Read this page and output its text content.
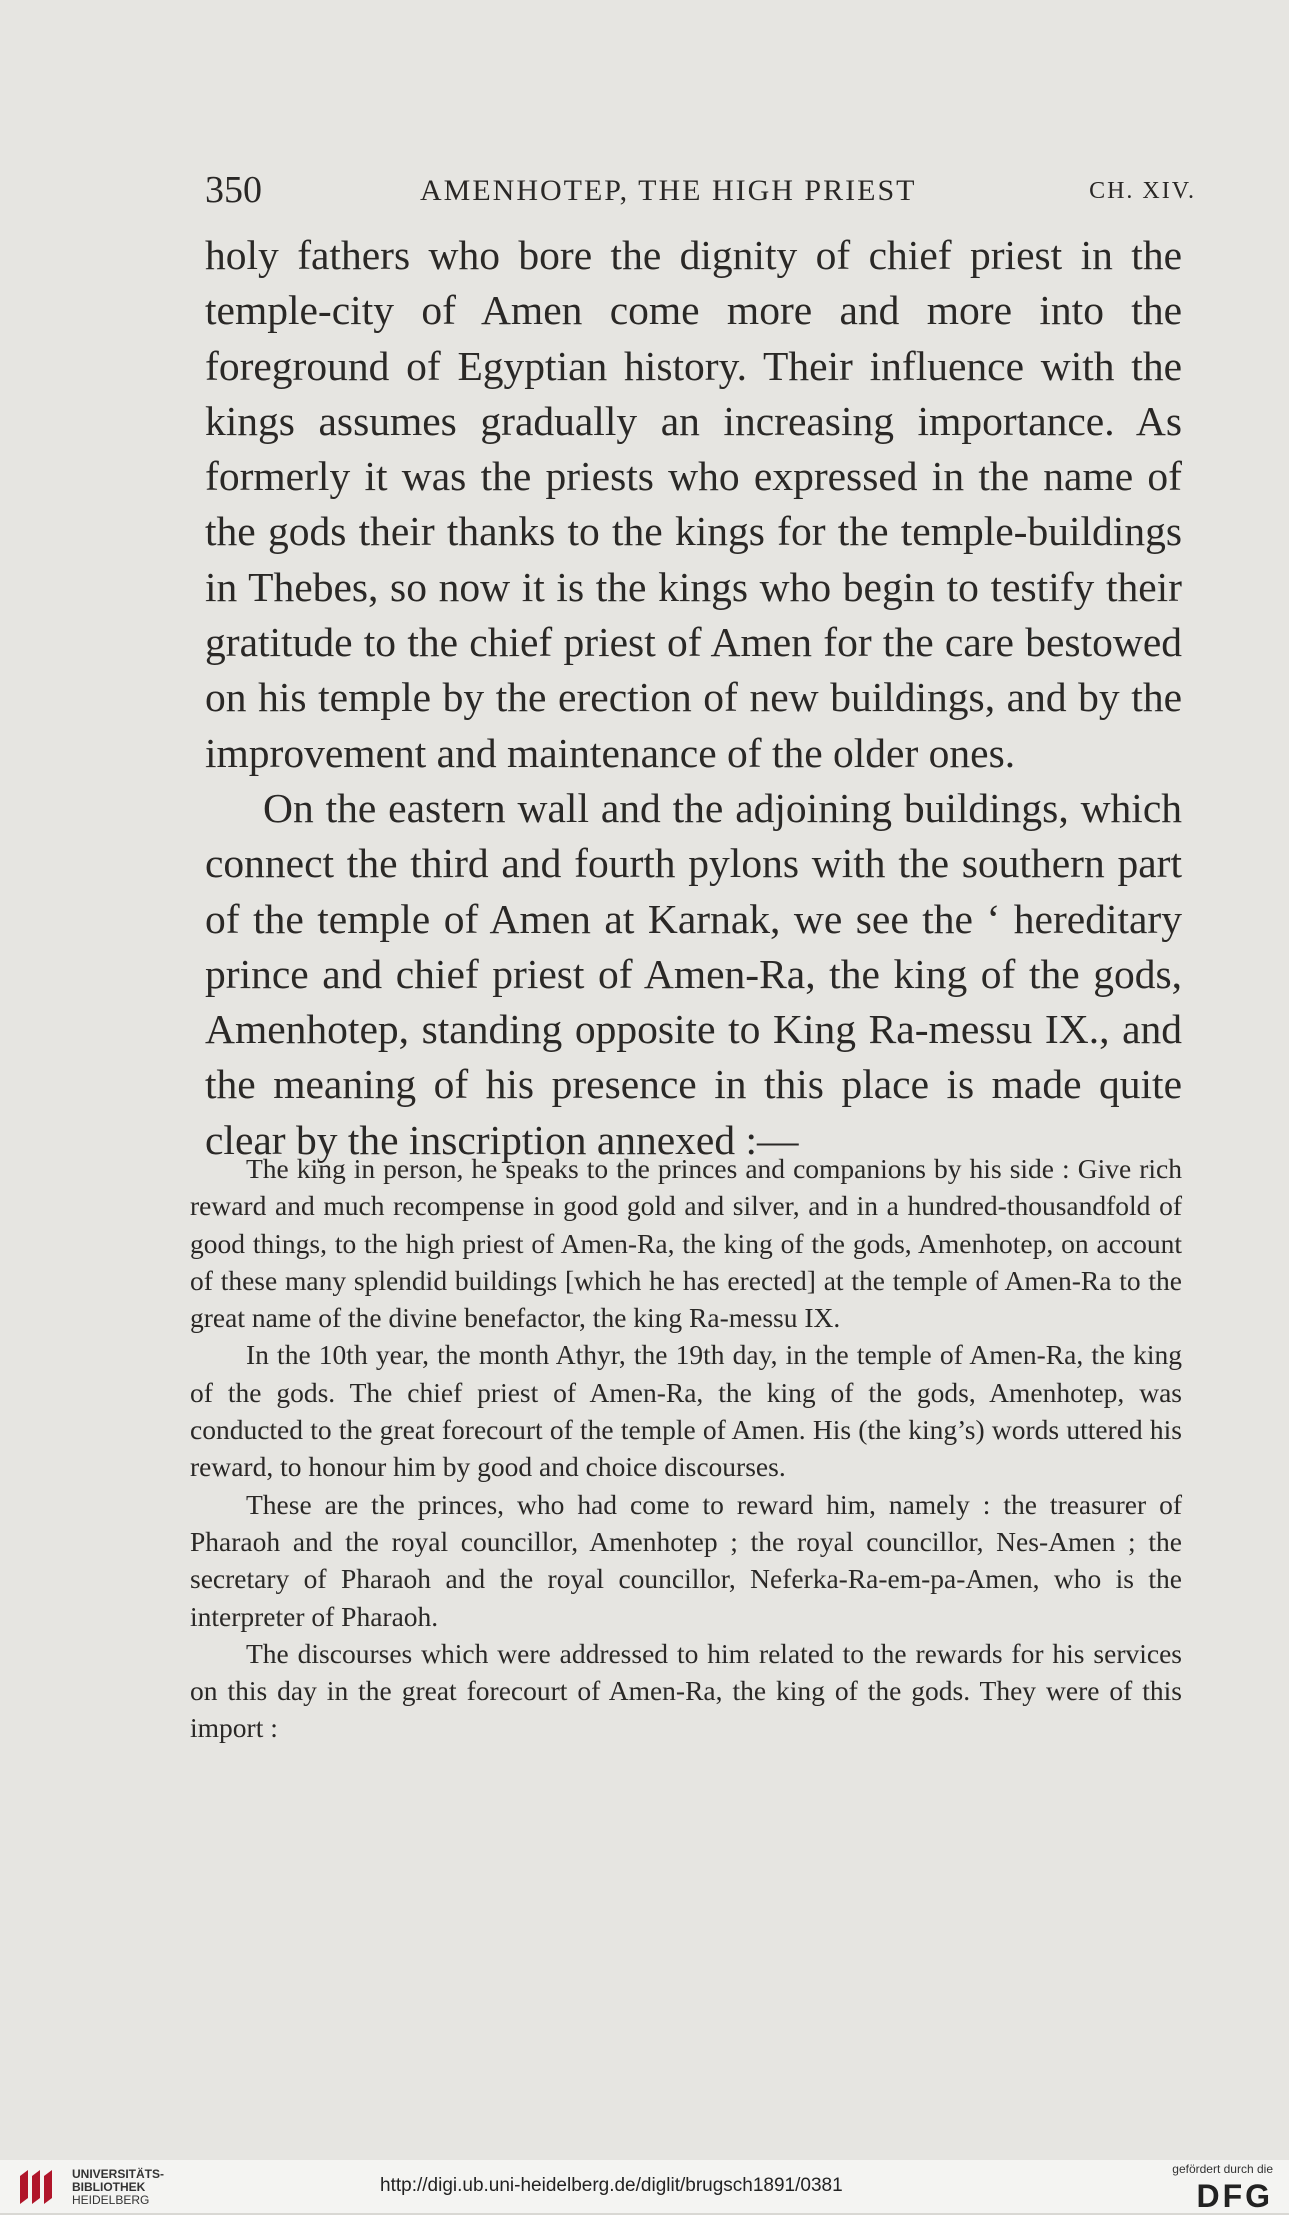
350	AMENHOTEP, THE HIGH PRIEST	CH. XIV.

holy fathers who bore the dignity of chief priest in the temple-city of Amen come more and more into the foreground of Egyptian history. Their influence with the kings assumes gradually an increasing importance. As formerly it was the priests who expressed in the name of the gods their thanks to the kings for the temple-buildings in Thebes, so now it is the kings who begin to testify their gratitude to the chief priest of Amen for the care bestowed on his temple by the erection of new buildings, and by the improvement and maintenance of the older ones.

On the eastern wall and the adjoining buildings, which connect the third and fourth pylons with the southern part of the temple of Amen at Karnak, we see the ‘ hereditary prince and chief priest of Amen-Ra, the king of the gods, Amenhotep, standing opposite to King Ra-messu IX., and the meaning of his presence in this place is made quite clear by the inscription annexed :—

The king in person, he speaks to the princes and companions by his side : Give rich reward and much recompense in good gold and silver, and in a hundred-thousandfold of good things, to the high priest of Amen-Ra, the king of the gods, Amenhotep, on account of these many splendid buildings [which he has erected] at the temple of Amen-Ra to the great name of the divine benefactor, the king Ra-messu IX.

In the 10th year, the month Athyr, the 19th day, in the temple of Amen-Ra, the king of the gods. The chief priest of Amen-Ra, the king of the gods, Amenhotep, was conducted to the great forecourt of the temple of Amen. His (the king’s) words uttered his reward, to honour him by good and choice discourses.

These are the princes, who had come to reward him, namely : the treasurer of Pharaoh and the royal councillor, Amenhotep ; the royal councillor, Nes-Amen ; the secretary of Pharaoh and the royal councillor, Neferka-Ra-em-pa-Amen, who is the interpreter of Pharaoh.

The discourses which were addressed to him related to the rewards for his services on this day in the great forecourt of Amen-Ra, the king of the gods. They were of this import :

UNIVERSITÄTS-
BIBLIOTHEK
HEIDELBERG
http://digi.ub.uni-heidelberg.de/diglit/brugsch1891/0381
gefördert durch die
DFG
